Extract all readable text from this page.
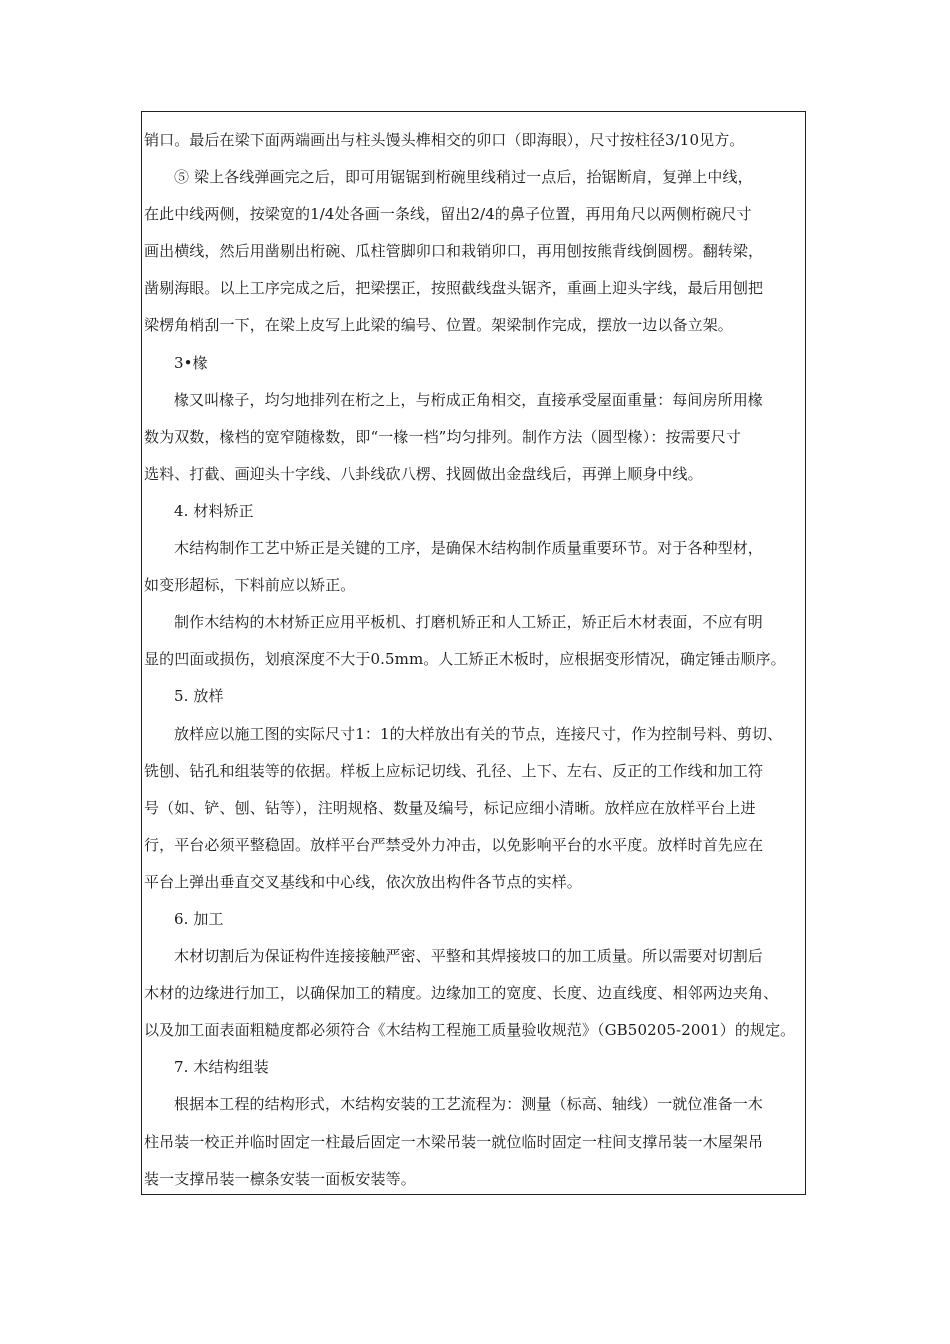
销口。最后在梁下面两端画出与柱头馒头榫相交的卯口（即海眼），尺寸按柱径3/10见方。
⑤ 梁上各线弹画完之后，即可用锯锯到桁碗里线稍过一点后，抬锯断肩，复弹上中线，
在此中线两侧，按梁宽的1/4处各画一条线，留出2/4的鼻子位置，再用角尺以两侧桁碗尺寸
画出横线，然后用凿剔出桁碗、瓜柱管脚卯口和栽销卯口，再用刨按熊背线倒圆楞。翻转梁，
凿剔海眼。以上工序完成之后，把梁摆正，按照截线盘头锯齐，重画上迎头字线，最后用刨把
梁楞角梢刮一下，在梁上皮写上此梁的编号、位置。架梁制作完成，摆放一边以备立架。
3•椽
椽又叫椽子，均匀地排列在桁之上，与桁成正角相交，直接承受屋面重量：每间房所用椽
数为双数，椽档的宽窄随椽数，即“一椽一档”均匀排列。制作方法（圆型椽）：按需要尺寸
选料、打截、画迎头十字线、八卦线砍八楞、找圆做出金盘线后，再弹上顺身中线。
4. 材料矫正
木结构制作工艺中矫正是关键的工序，是确保木结构制作质量重要环节。对于各种型材，
如变形超标，下料前应以矫正。
制作木结构的木材矫正应用平板机、打磨机矫正和人工矫正，矫正后木材表面，不应有明
显的凹面或损伤，划痕深度不大于0.5mm。人工矫正木板时，应根据变形情况，确定锤击顺序。
5. 放样
放样应以施工图的实际尺寸1：1的大样放出有关的节点，连接尺寸，作为控制号料、剪切、
铣刨、钻孔和组装等的依据。样板上应标记切线、孔径、上下、左右、反正的工作线和加工符
号（如、铲、刨、钻等），注明规格、数量及编号，标记应细小清晰。放样应在放样平台上进
行，平台必须平整稳固。放样平台严禁受外力冲击，以免影响平台的水平度。放样时首先应在
平台上弹出垂直交叉基线和中心线，依次放出构件各节点的实样。
6. 加工
木材切割后为保证构件连接接触严密、平整和其焊接坡口的加工质量。所以需要对切割后
木材的边缘进行加工，以确保加工的精度。边缘加工的宽度、长度、边直线度、相邻两边夹角、
以及加工面表面粗糙度都必须符合《木结构工程施工质量验收规范》（GB50205-2001）的规定。
7. 木结构组装
根据本工程的结构形式，木结构安装的工艺流程为：测量（标高、轴线）一就位准备一木
柱吊装一校正并临时固定一柱最后固定一木梁吊装一就位临时固定一柱间支撑吊装一木屋架吊
装一支撑吊装一檩条安装一面板安装等。
